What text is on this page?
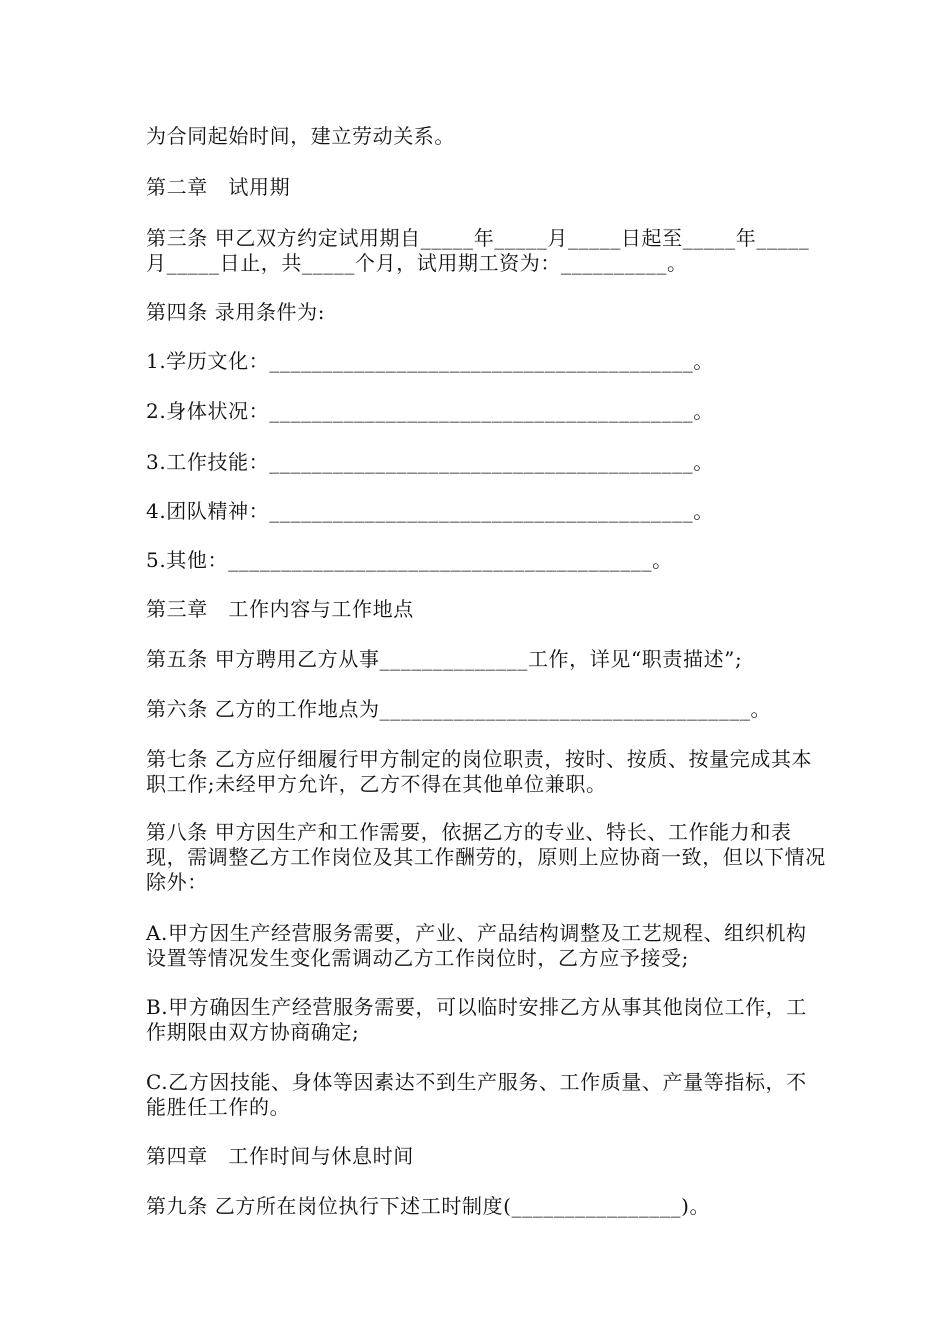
为合同起始时间，建立劳动关系。

第二章　试用期

第三条 甲乙双方约定试用期自_____年_____月_____日起至_____年_____月_____日止，共_____个月，试用期工资为：__________。

第四条 录用条件为:

1.学历文化：________________________________________。

2.身体状况：________________________________________。

3.工作技能：________________________________________。

4.团队精神：________________________________________。

5.其他：________________________________________。

第三章　工作内容与工作地点

第五条 甲方聘用乙方从事______________工作，详见“职责描述”;

第六条 乙方的工作地点为___________________________________。

第七条 乙方应仔细履行甲方制定的岗位职责，按时、按质、按量完成其本职工作;未经甲方允许，乙方不得在其他单位兼职。

第八条 甲方因生产和工作需要，依据乙方的专业、特长、工作能力和表现，需调整乙方工作岗位及其工作酬劳的，原则上应协商一致，但以下情况除外：

A.甲方因生产经营服务需要，产业、产品结构调整及工艺规程、组织机构设置等情况发生变化需调动乙方工作岗位时，乙方应予接受;

B.甲方确因生产经营服务需要，可以临时安排乙方从事其他岗位工作，工作期限由双方协商确定;

C.乙方因技能、身体等因素达不到生产服务、工作质量、产量等指标，不能胜任工作的。

第四章　工作时间与休息时间

第九条 乙方所在岗位执行下述工时制度(________________)。
